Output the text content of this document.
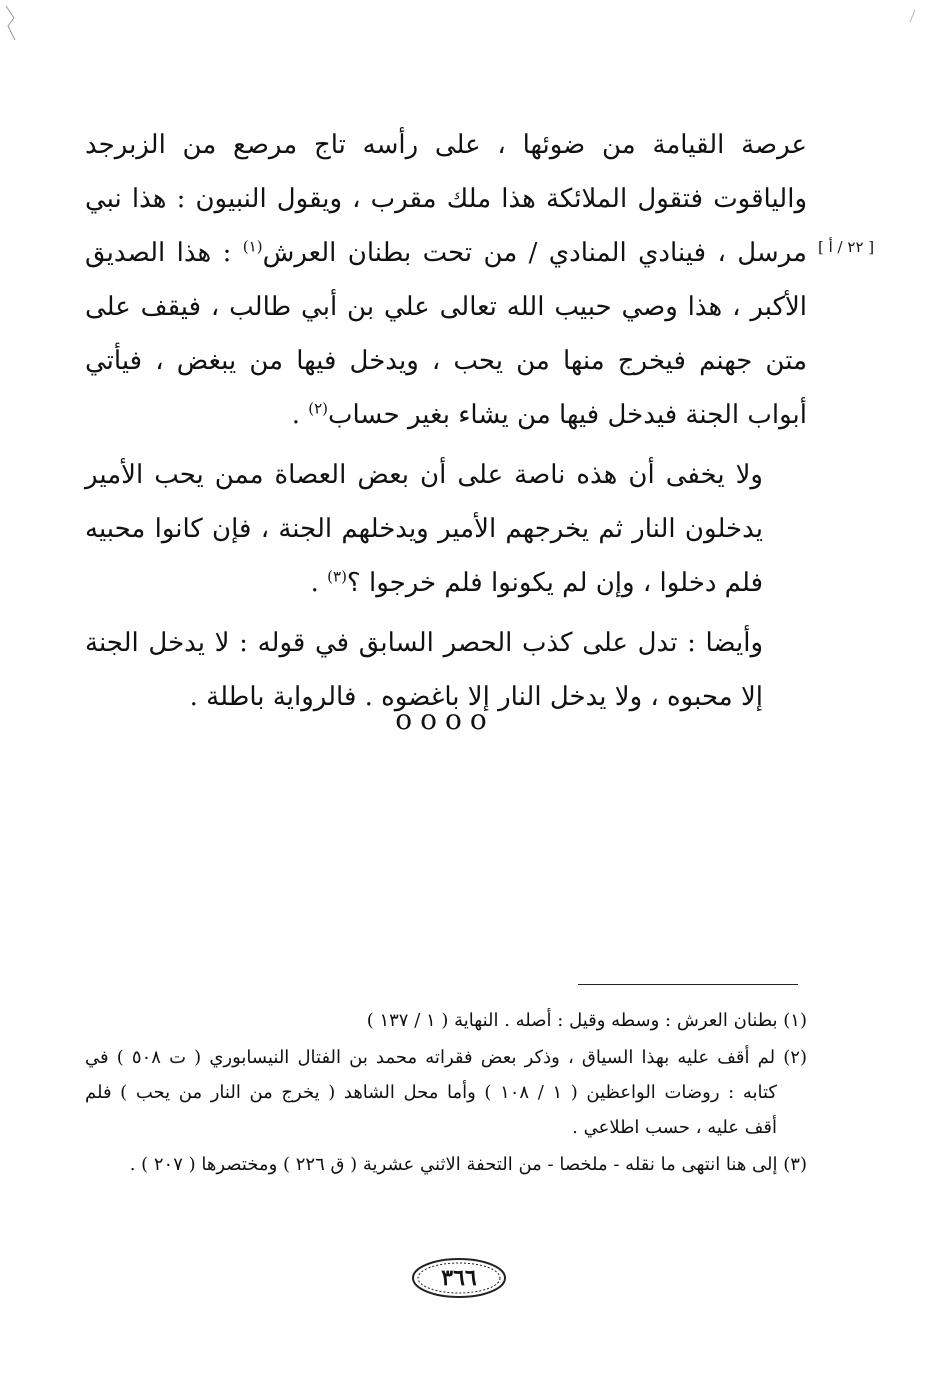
[ ٢٢ / أ ]

عرصة القيامة من ضوئها ، على رأسه تاج مرصع من الزبرجد والياقوت فتقول الملائكة هذا ملك مقرب ، ويقول النبيون : هذا نبي مرسل ، فينادي المنادي / من تحت بطنان العرش$^{(١)}$ : هذا الصديق الأكبر ، هذا وصي حبيب الله تعالى علي بن أبي طالب ، فيقف على متن جهنم فيخرج منها من يحب ، ويدخل فيها من يبغض ، فيأتي أبواب الجنة فيدخل فيها من يشاء بغير حساب$^{(٢)}$ .

ولا يخفى أن هذه ناصة على أن بعض العصاة ممن يحب الأمير يدخلون النار ثم يخرجهم الأمير ويدخلهم الجنة ، فإن كانوا محبيه فلم دخلوا ، وإن لم يكونوا فلم خرجوا ؟$^{(٣)}$ .

وأيضا : تدل على كذب الحصر السابق في قوله : لا يدخل الجنة إلا محبوه ، ولا يدخل النار إلا باغضوه . فالرواية باطلة .

oooo

(١) بطنان العرش : وسطه وقيل : أصله . النهاية ( ١ / ١٣٧ )

(٢) لم أقف عليه بهذا السياق ، وذكر بعض فقراته محمد بن الفتال النيسابوري ( ت ٥٠٨ ) في كتابه : روضات الواعظين ( ١ / ١٠٨ ) وأما محل الشاهد ( يخرج من النار من يحب ) فلم أقف عليه ، حسب اطلاعي .

(٣) إلى هنا انتهى ما نقله - ملخصا - من التحفة الاثني عشرية ( ق ٢٢٦ ) ومختصرها ( ٢٠٧ ) .

٣٦٦
